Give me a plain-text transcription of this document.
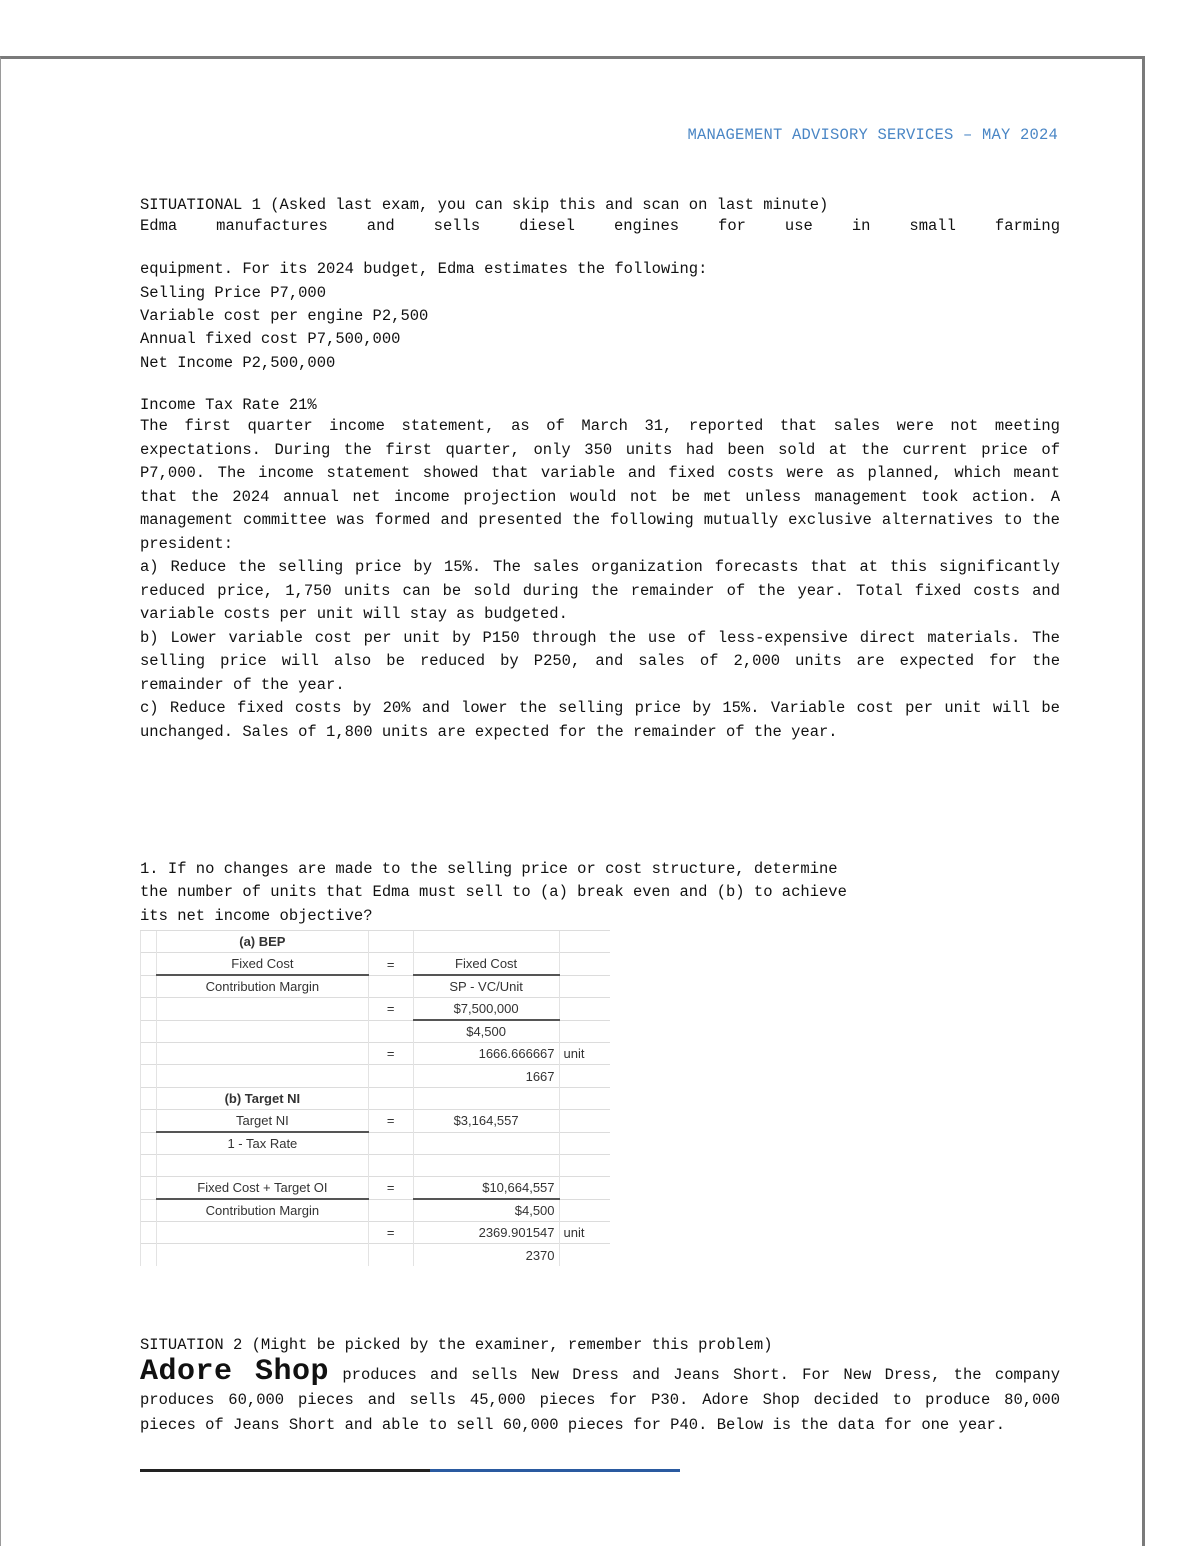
MANAGEMENT ADVISORY SERVICES – MAY 2024
SITUATIONAL 1 (Asked last exam, you can skip this and scan on last minute)

Edma manufactures and sells diesel engines for use in small farming

equipment. For its 2024 budget, Edma estimates the following:
Selling Price P7,000
Variable cost per engine P2,500
Annual fixed cost P7,500,000
Net Income P2,500,000
Income Tax Rate 21%

The first quarter income statement, as of March 31, reported that sales were not meeting expectations. During the first quarter, only 350 units had been sold at the current price of P7,000. The income statement showed that variable and fixed costs were as planned, which meant that the 2024 annual net income projection would not be met unless management took action. A management committee was formed and presented the following mutually exclusive alternatives to the president:

a) Reduce the selling price by 15%. The sales organization forecasts that at this significantly reduced price, 1,750 units can be sold during the remainder of the year. Total fixed costs and variable costs per unit will stay as budgeted.

b) Lower variable cost per unit by P150 through the use of less-expensive direct materials. The selling price will also be reduced by P250, and sales of 2,000 units are expected for the remainder of the year.

c) Reduce fixed costs by 20% and lower the selling price by 15%. Variable cost per unit will be unchanged. Sales of 1,800 units are expected for the remainder of the year.

1. If no changes are made to the selling price or cost structure, determine
the number of units that Edma must sell to (a) break even and (b) to achieve
its net income objective?
	(a) BEP			
	Fixed Cost	=	Fixed Cost	
	Contribution Margin		SP - VC/Unit	
		=	$7,500,000	
			$4,500	
		=	1666.666667	unit
			1667	
	(b) Target NI			
	Target NI	=	$3,164,557	
	1 - Tax Rate			

	Fixed Cost + Target OI	=	$10,664,557	
	Contribution Margin		$4,500	
		=	2369.901547	unit
			2370	
SITUATION 2 (Might be picked by the examiner, remember this problem)

Adore Shop produces and sells New Dress and Jeans Short. For New Dress, the company produces 60,000 pieces and sells 45,000 pieces for P30. Adore Shop decided to produce 80,000 pieces of Jeans Short and able to sell 60,000 pieces for P40. Below is the data for one year.
